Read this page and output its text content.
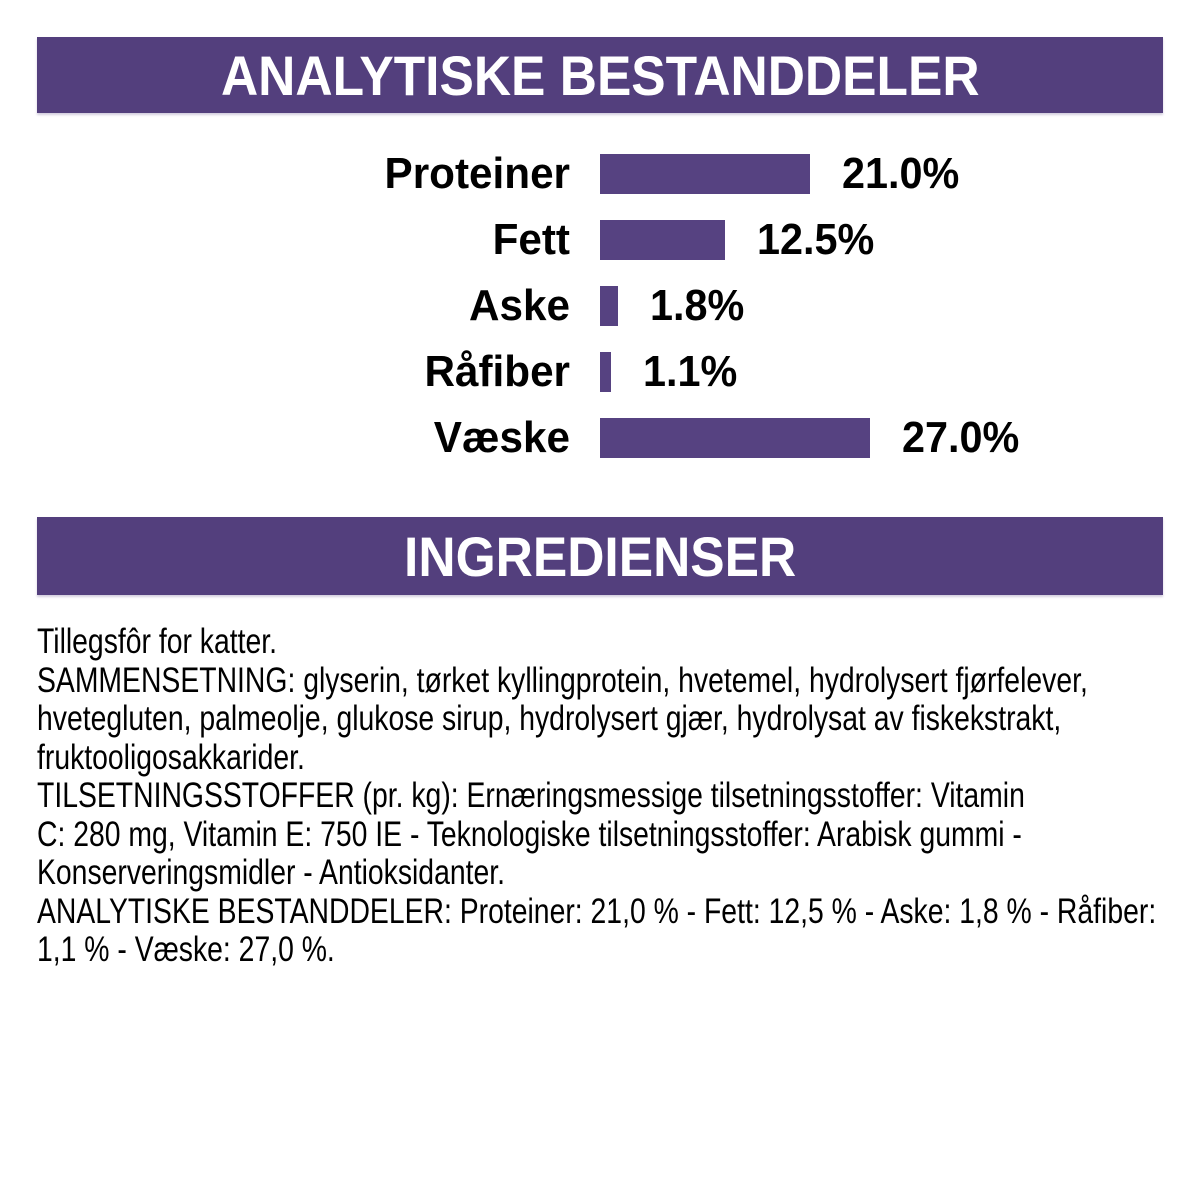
ANALYTISKE BESTANDDELER
Proteiner	21.0%
Fett	12.5%
Aske 1.8%
Råfiber 1.1%
Væske	27.0%
INGREDIENSER
Tillegsfôr for katter.
SAMMENSETNING: glyserin, tørket kyllingprotein, hvetemel, hydrolysert fjørfelever,
hvetegluten, palmeolje, glukose sirup, hydrolysert gjær, hydrolysat av fiskekstrakt,
fruktooligosakkarider.
TILSETNINGSSTOFFER (pr. kg): Ernæringsmessige tilsetningsstoffer: Vitamin
C: 280 mg, Vitamin E: 750 IE - Teknologiske tilsetningsstoffer: Arabisk gummi -
Konserveringsmidler - Antioksidanter.
ANALYTISKE BESTANDDELER: Proteiner: 21,0 % - Fett: 12,5 % - Aske: 1,8 % - Råfiber:
1,1 % - Væske: 27,0 %.
